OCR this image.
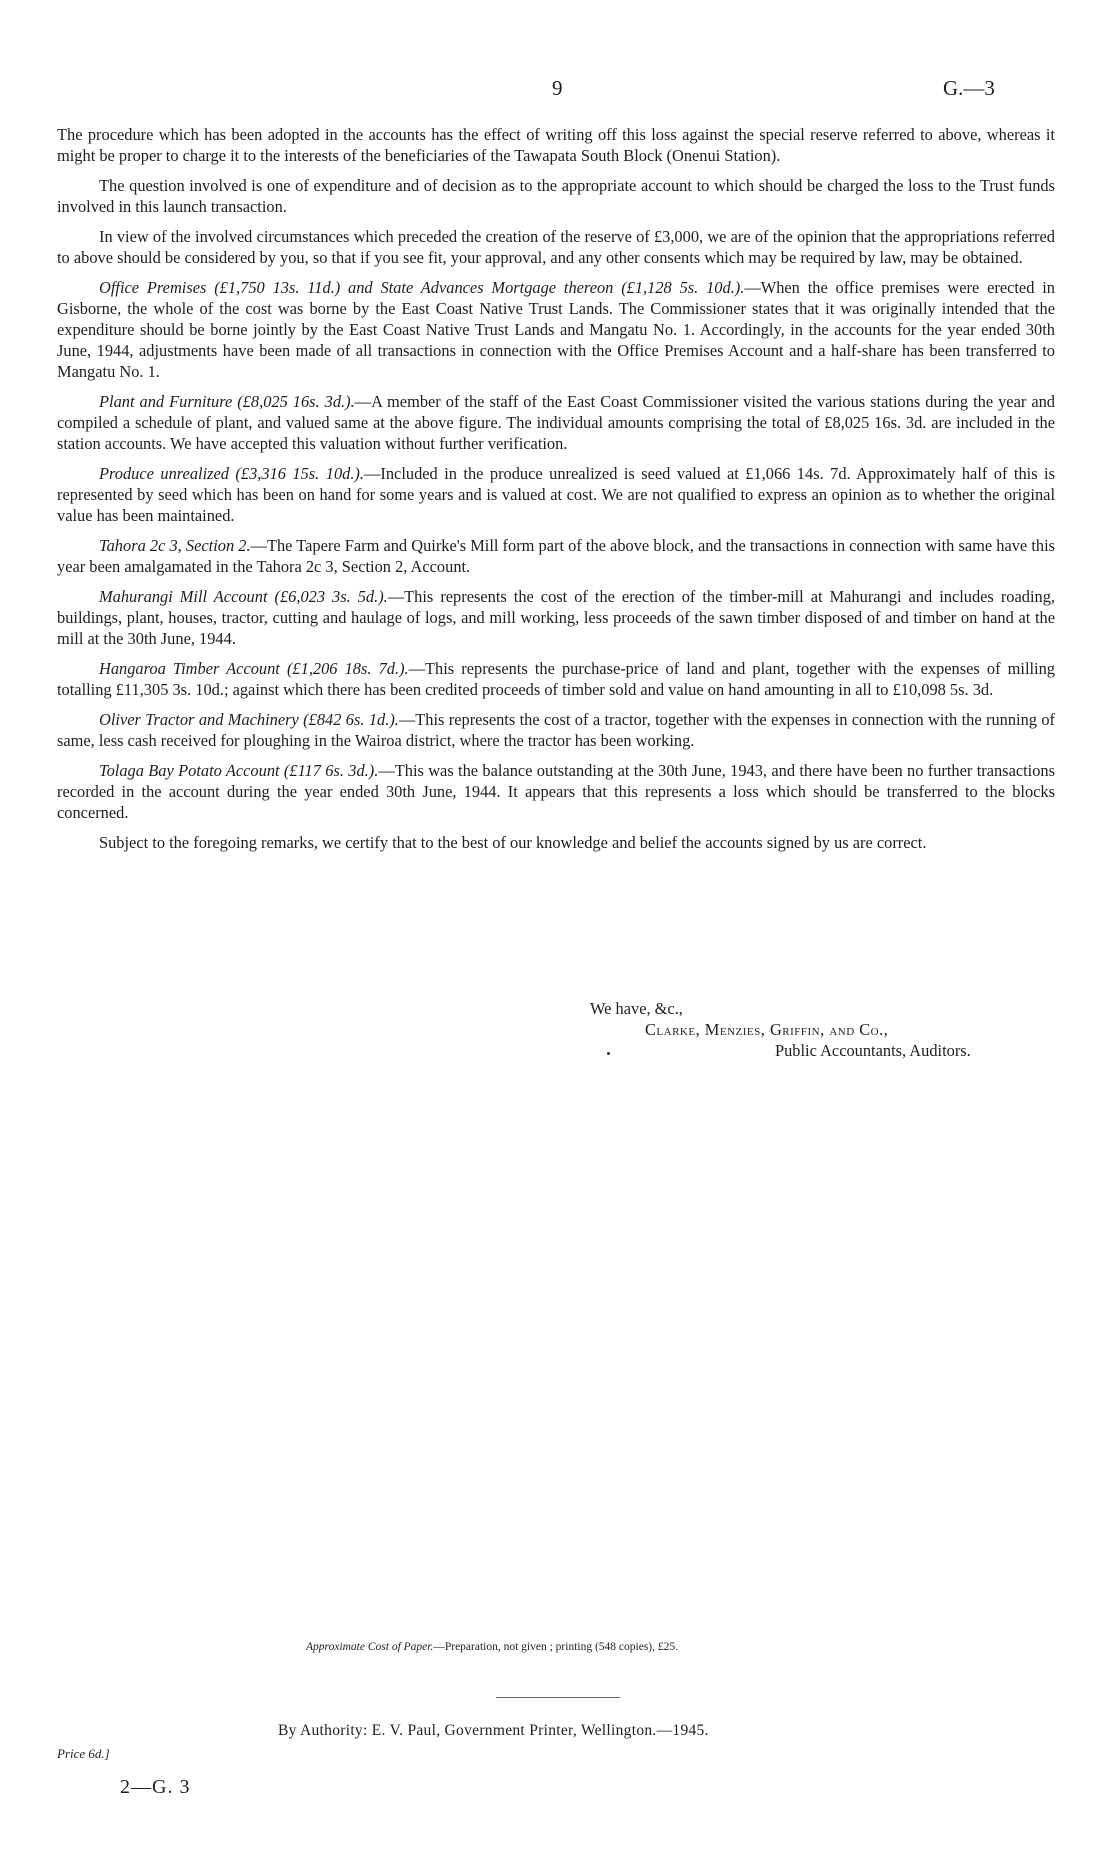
9	G.—3

The procedure which has been adopted in the accounts has the effect of writing off this loss against the special reserve referred to above, whereas it might be proper to charge it to the interests of the beneficiaries of the Tawapata South Block (Onenui Station).

The question involved is one of expenditure and of decision as to the appropriate account to which should be charged the loss to the Trust funds involved in this launch transaction.

In view of the involved circumstances which preceded the creation of the reserve of £3,000, we are of the opinion that the appropriations referred to above should be considered by you, so that if you see fit, your approval, and any other consents which may be required by law, may be obtained.

Office Premises (£1,750 13s. 11d.) and State Advances Mortgage thereon (£1,128 5s. 10d.).—When the office premises were erected in Gisborne, the whole of the cost was borne by the East Coast Native Trust Lands. The Commissioner states that it was originally intended that the expenditure should be borne jointly by the East Coast Native Trust Lands and Mangatu No. 1. Accordingly, in the accounts for the year ended 30th June, 1944, adjustments have been made of all transactions in connection with the Office Premises Account and a half-share has been transferred to Mangatu No. 1.

Plant and Furniture (£8,025 16s. 3d.).—A member of the staff of the East Coast Commissioner visited the various stations during the year and compiled a schedule of plant, and valued same at the above figure. The individual amounts comprising the total of £8,025 16s. 3d. are included in the station accounts. We have accepted this valuation without further verification.

Produce unrealized (£3,316 15s. 10d.).—Included in the produce unrealized is seed valued at £1,066 14s. 7d. Approximately half of this is represented by seed which has been on hand for some years and is valued at cost. We are not qualified to express an opinion as to whether the original value has been maintained.

Tahora 2c 3, Section 2.—The Tapere Farm and Quirke's Mill form part of the above block, and the transactions in connection with same have this year been amalgamated in the Tahora 2c 3, Section 2, Account.

Mahurangi Mill Account (£6,023 3s. 5d.).—This represents the cost of the erection of the timber-mill at Mahurangi and includes roading, buildings, plant, houses, tractor, cutting and haulage of logs, and mill working, less proceeds of the sawn timber disposed of and timber on hand at the mill at the 30th June, 1944.

Hangaroa Timber Account (£1,206 18s. 7d.).—This represents the purchase-price of land and plant, together with the expenses of milling totalling £11,305 3s. 10d.; against which there has been credited proceeds of timber sold and value on hand amounting in all to £10,098 5s. 3d.

Oliver Tractor and Machinery (£842 6s. 1d.).—This represents the cost of a tractor, together with the expenses in connection with the running of same, less cash received for ploughing in the Wairoa district, where the tractor has been working.

Tolaga Bay Potato Account (£117 6s. 3d.).—This was the balance outstanding at the 30th June, 1943, and there have been no further transactions recorded in the account during the year ended 30th June, 1944. It appears that this represents a loss which should be transferred to the blocks concerned.

Subject to the foregoing remarks, we certify that to the best of our knowledge and belief the accounts signed by us are correct.

We have, &c.,
Clarke, Menzies, Griffin, and Co.,
Public Accountants, Auditors.
Approximate Cost of Paper.—Preparation, not given ; printing (548 copies), £25.
By Authority: E. V. Paul, Government Printer, Wellington.—1945.
Price 6d.]
2—G. 3
